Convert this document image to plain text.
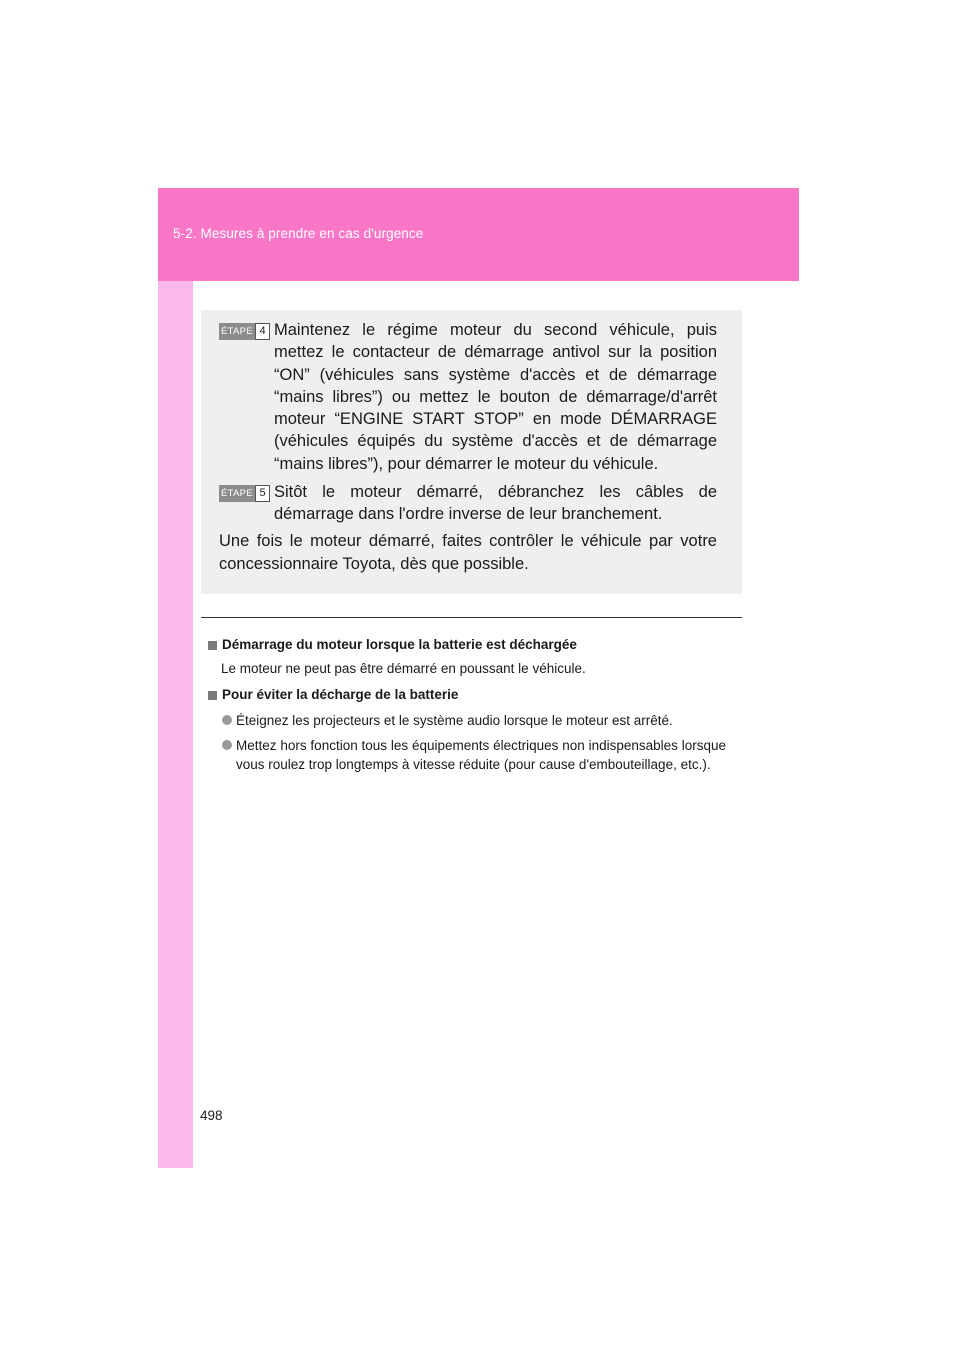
5-2. Mesures à prendre en cas d'urgence
ÉTAPE 4 Maintenez le régime moteur du second véhicule, puis mettez le contacteur de démarrage antivol sur la position “ON” (véhicules sans système d'accès et de démarrage “mains libres”) ou mettez le bouton de démarrage/d'arrêt moteur “ENGINE START STOP” en mode DÉMARRAGE (véhicules équipés du système d'accès et de démarrage “mains libres”), pour démarrer le moteur du véhicule.
ÉTAPE 5 Sitôt le moteur démarré, débranchez les câbles de démarrage dans l'ordre inverse de leur branchement.
Une fois le moteur démarré, faites contrôler le véhicule par votre concessionnaire Toyota, dès que possible.
Démarrage du moteur lorsque la batterie est déchargée
Le moteur ne peut pas être démarré en poussant le véhicule.
Pour éviter la décharge de la batterie
Éteignez les projecteurs et le système audio lorsque le moteur est arrêté.
Mettez hors fonction tous les équipements électriques non indispensables lorsque vous roulez trop longtemps à vitesse réduite (pour cause d'embouteillage, etc.).
498
